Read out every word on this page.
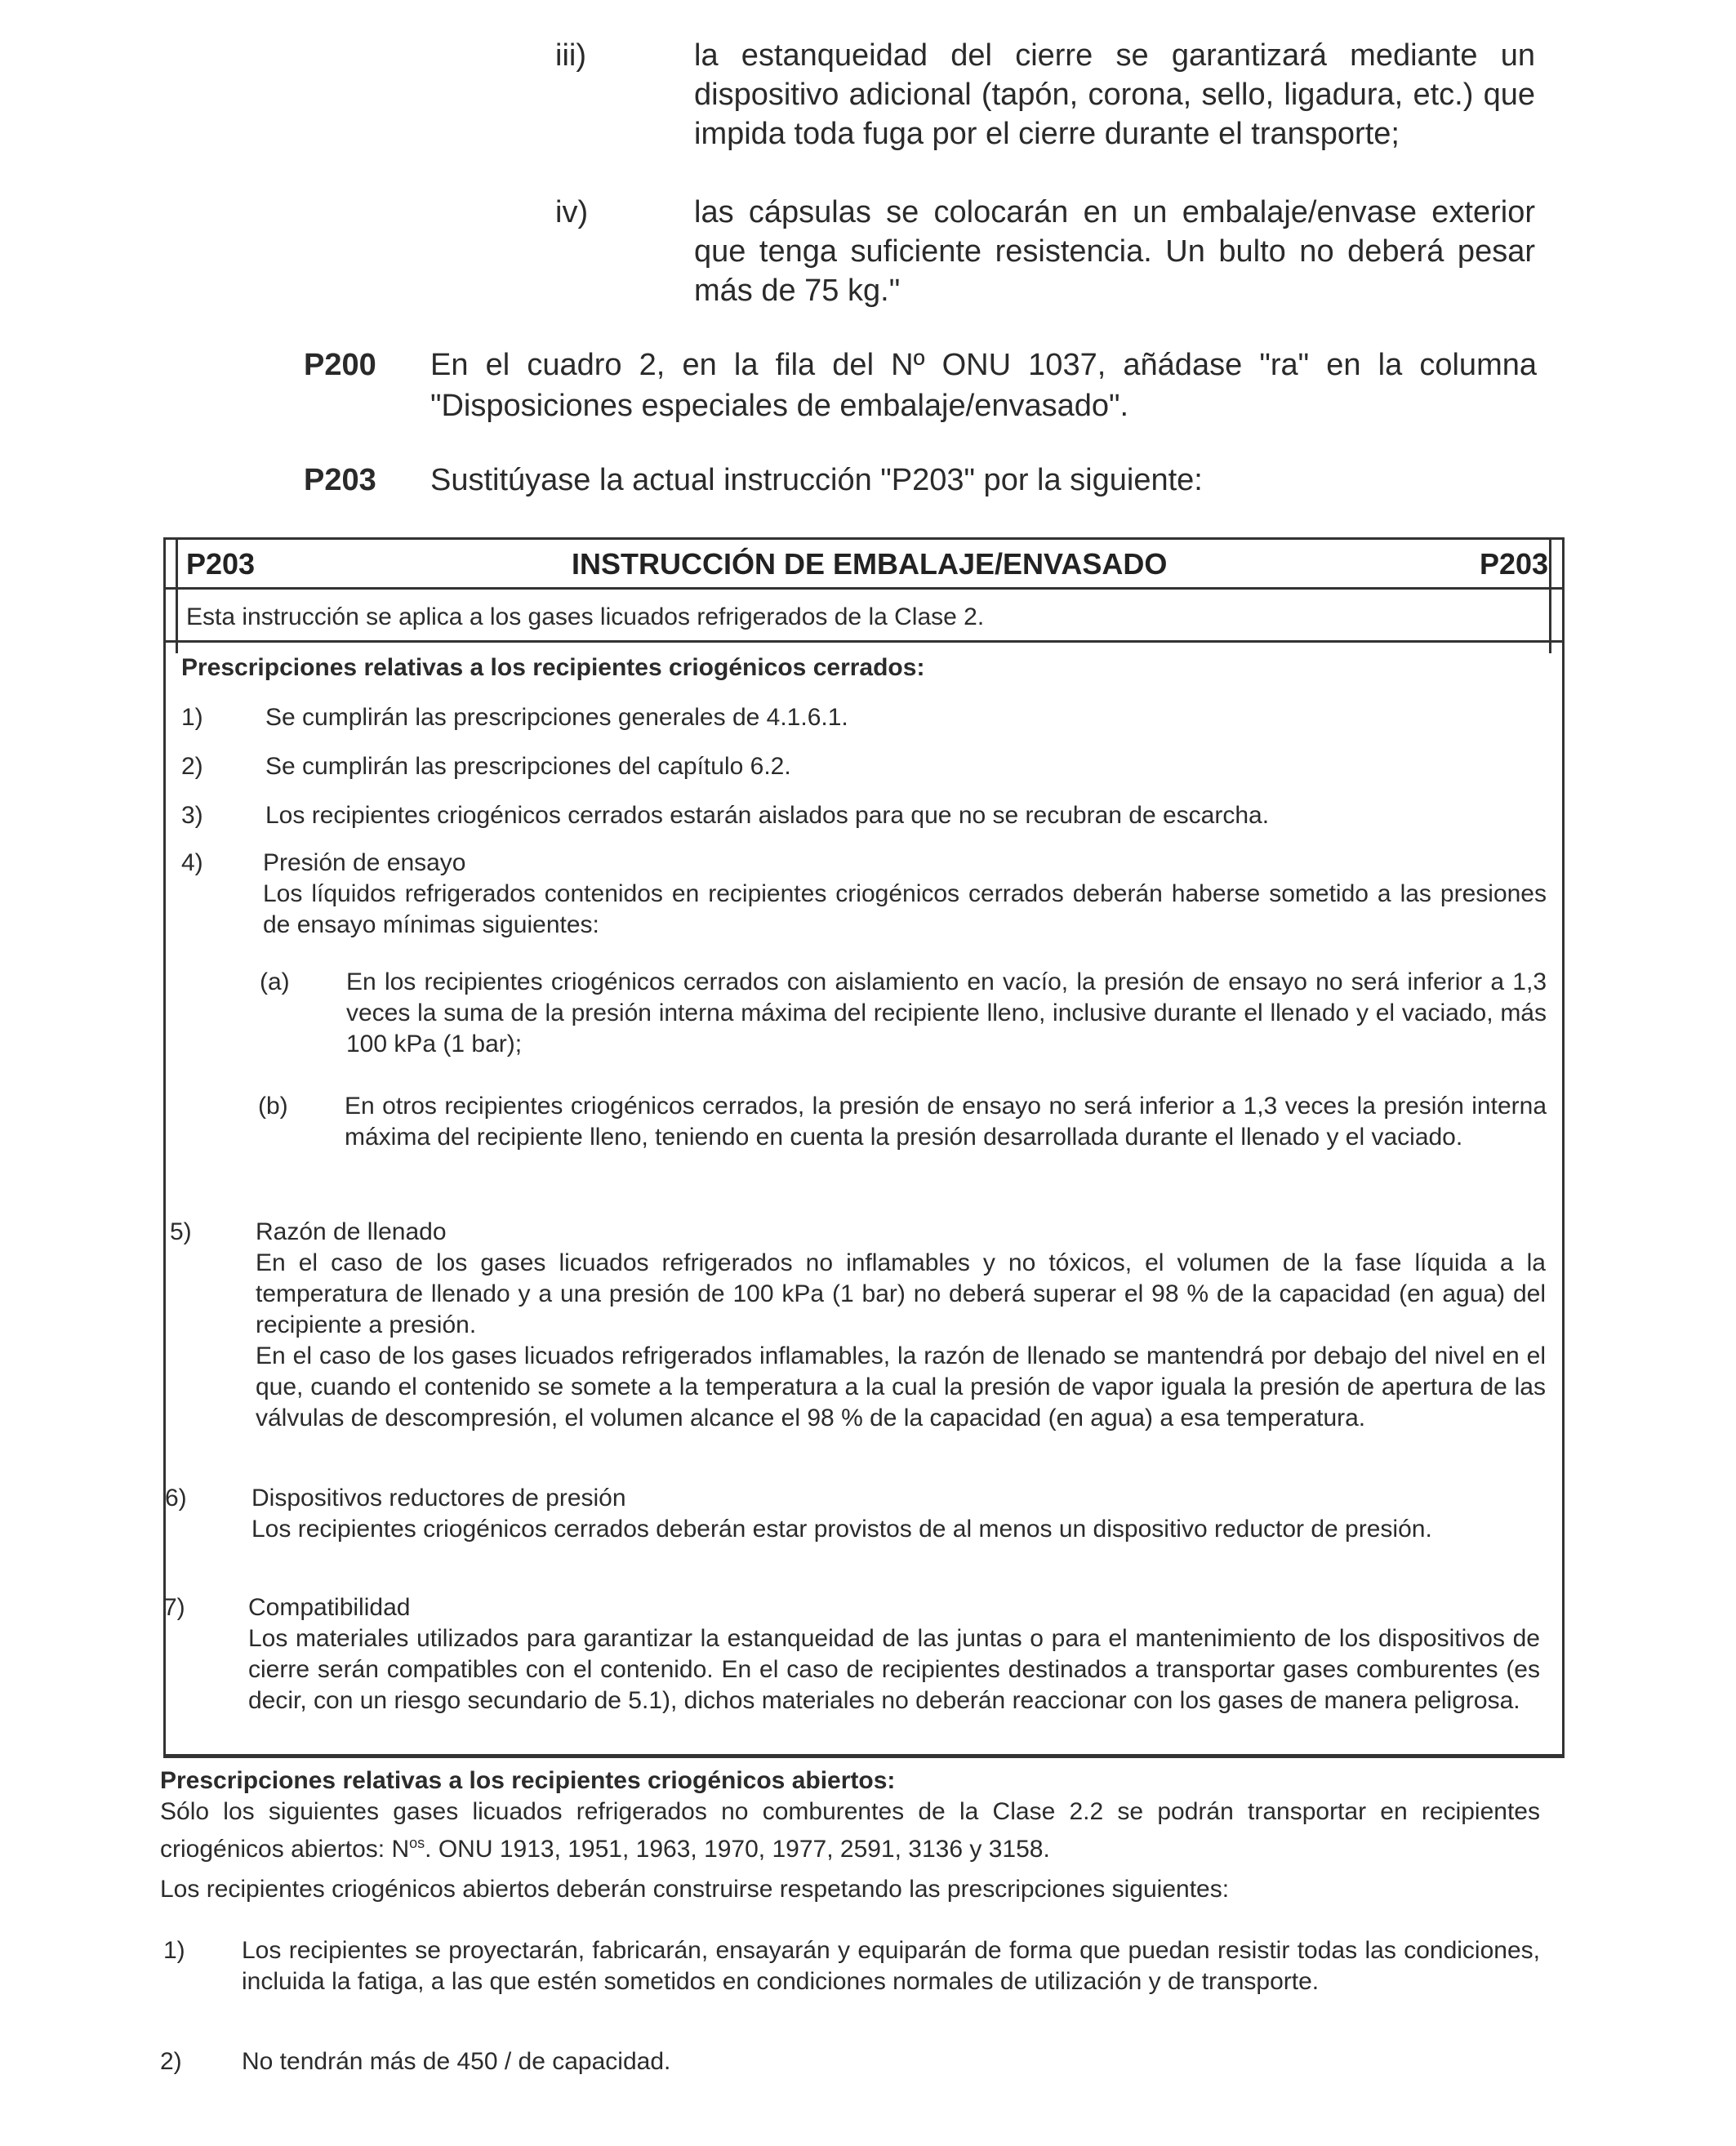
iii)	la estanqueidad del cierre se garantizará mediante un dispositivo adicional (tapón, corona, sello, ligadura, etc.) que impida toda fuga por el cierre durante el transporte;
iv)	las cápsulas se colocarán en un embalaje/envase exterior que tenga suficiente resistencia. Un bulto no deberá pesar más de 75 kg."
P200 En el cuadro 2, en la fila del Nº ONU 1037, añádase "ra" en la columna "Disposiciones especiales de embalaje/envasado".
P203 Sustitúyase la actual instrucción "P203" por la siguiente:
P203	INSTRUCCIÓN DE EMBALAJE/ENVASADO	P203
Esta instrucción se aplica a los gases licuados refrigerados de la Clase 2.
Prescripciones relativas a los recipientes criogénicos cerrados:
1)	Se cumplirán las prescripciones generales de 4.1.6.1.
2)	Se cumplirán las prescripciones del capítulo 6.2.
3)	Los recipientes criogénicos cerrados estarán aislados para que no se recubran de escarcha.
4) Presión de ensayo
Los líquidos refrigerados contenidos en recipientes criogénicos cerrados deberán haberse sometido a las presiones de ensayo mínimas siguientes:
(a) En los recipientes criogénicos cerrados con aislamiento en vacío, la presión de ensayo no será inferior a 1,3 veces la suma de la presión interna máxima del recipiente lleno, inclusive durante el llenado y el vaciado, más 100 kPa (1 bar);
(b) En otros recipientes criogénicos cerrados, la presión de ensayo no será inferior a 1,3 veces la presión interna máxima del recipiente lleno, teniendo en cuenta la presión desarrollada durante el llenado y el vaciado.
5)	Razón de llenado
En el caso de los gases licuados refrigerados no inflamables y no tóxicos, el volumen de la fase líquida a la temperatura de llenado y a una presión de 100 kPa (1 bar) no deberá superar el 98 % de la capacidad (en agua) del recipiente a presión.
En el caso de los gases licuados refrigerados inflamables, la razón de llenado se mantendrá por debajo del nivel en el que, cuando el contenido se somete a la temperatura a la cual la presión de vapor iguala la presión de apertura de las válvulas de descompresión, el volumen alcance el 98 % de la capacidad (en agua) a esa temperatura.
6)	Dispositivos reductores de presión
Los recipientes criogénicos cerrados deberán estar provistos de al menos un dispositivo reductor de presión.
7)	Compatibilidad
Los materiales utilizados para garantizar la estanqueidad de las juntas o para el mantenimiento de los dispositivos de cierre serán compatibles con el contenido. En el caso de recipientes destinados a transportar gases comburentes (es decir, con un riesgo secundario de 5.1), dichos materiales no deberán reaccionar con los gases de manera peligrosa.
Prescripciones relativas a los recipientes criogénicos abiertos:
Sólo los siguientes gases licuados refrigerados no comburentes de la Clase 2.2 se podrán transportar en recipientes criogénicos abiertos: $N^{os}$. ONU 1913, 1951, 1963, 1970, 1977, 2591, 3136 y 3158.
Los recipientes criogénicos abiertos deberán construirse respetando las prescripciones siguientes:
1) Los recipientes se proyectarán, fabricarán, ensayarán y equiparán de forma que puedan resistir todas las condiciones, incluida la fatiga, a las que estén sometidos en condiciones normales de utilización y de transporte.
2) No tendrán más de 450 / de capacidad.
